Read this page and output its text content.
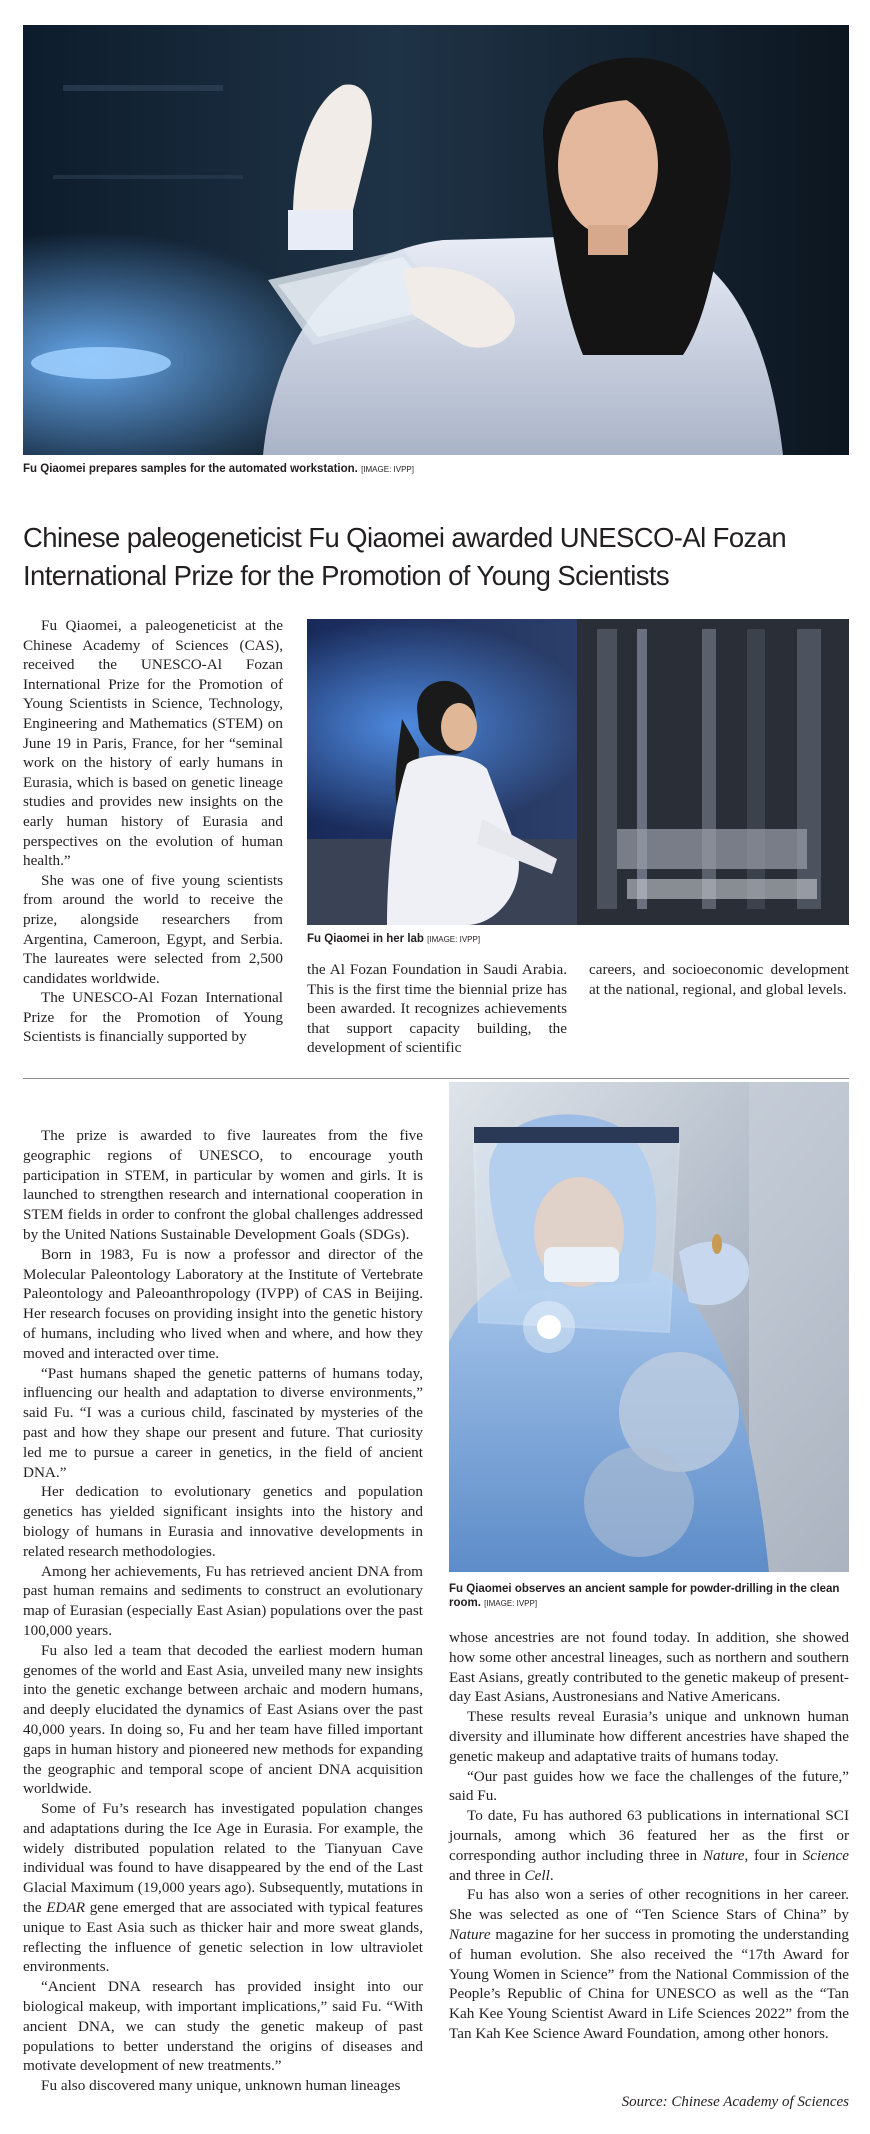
Fu Qiaomei prepares samples for the automated workstation. [IMAGE: IVPP]
Chinese paleogeneticist Fu Qiaomei awarded UNESCO-Al Fozan International Prize for the Promotion of Young Scientists

Fu Qiaomei, a paleogeneticist at the Chinese Academy of Sciences (CAS), received the UNESCO-Al Fozan International Prize for the Promotion of Young Scientists in Science, Technology, Engineering and Mathematics (STEM) on June 19 in Paris, France, for her “seminal work on the history of early humans in Eurasia, which is based on genetic lineage studies and provides new insights on the early human history of Eurasia and perspectives on the evolution of human health.”

She was one of five young scientists from around the world to receive the prize, alongside researchers from Argentina, Cameroon, Egypt, and Serbia. The laureates were selected from 2,500 candidates worldwide.

The UNESCO-Al Fozan International Prize for the Promotion of Young Scientists is financially supported by

Fu Qiaomei in her lab [IMAGE: IVPP]

the Al Fozan Foundation in Saudi Arabia. This is the first time the biennial prize has been awarded. It recognizes achievements that support capacity building, the development of scientific

careers, and socioeconomic development at the national, regional, and global levels.

Fu Qiaomei observes an ancient sample for powder-drilling in the clean room. [IMAGE: IVPP]

The prize is awarded to five laureates from the five geographic regions of UNESCO, to encourage youth participation in STEM, in particular by women and girls. It is launched to strengthen research and international cooperation in STEM fields in order to confront the global challenges addressed by the United Nations Sustainable Development Goals (SDGs).

Born in 1983, Fu is now a professor and director of the Molecular Paleontology Laboratory at the Institute of Vertebrate Paleontology and Paleoanthropology (IVPP) of CAS in Beijing. Her research focuses on providing insight into the genetic history of humans, including who lived when and where, and how they moved and interacted over time.

“Past humans shaped the genetic patterns of humans today, influencing our health and adaptation to diverse environments,” said Fu. “I was a curious child, fascinated by mysteries of the past and how they shape our present and future. That curiosity led me to pursue a career in genetics, in the field of ancient DNA.”

Her dedication to evolutionary genetics and population genetics has yielded significant insights into the history and biology of humans in Eurasia and innovative developments in related research methodologies.

Among her achievements, Fu has retrieved ancient DNA from past human remains and sediments to construct an evolutionary map of Eurasian (especially East Asian) populations over the past 100,000 years.

Fu also led a team that decoded the earliest modern human genomes of the world and East Asia, unveiled many new insights into the genetic exchange between archaic and modern humans, and deeply elucidated the dynamics of East Asians over the past 40,000 years. In doing so, Fu and her team have filled important gaps in human history and pioneered new methods for expanding the geographic and temporal scope of ancient DNA acquisition worldwide.

Some of Fu’s research has investigated population changes and adaptations during the Ice Age in Eurasia. For example, the widely distributed population related to the Tianyuan Cave individual was found to have disappeared by the end of the Last Glacial Maximum (19,000 years ago). Subsequently, mutations in the EDAR gene emerged that are associated with typical features unique to East Asia such as thicker hair and more sweat glands, reflecting the influence of genetic selection in low ultraviolet environments.

“Ancient DNA research has provided insight into our biological makeup, with important implications,” said Fu. “With ancient DNA, we can study the genetic makeup of past populations to better understand the origins of diseases and motivate development of new treatments.”

Fu also discovered many unique, unknown human lineages

whose ancestries are not found today. In addition, she showed how some other ancestral lineages, such as northern and southern East Asians, greatly contributed to the genetic makeup of present-day East Asians, Austronesians and Native Americans.

These results reveal Eurasia’s unique and unknown human diversity and illuminate how different ancestries have shaped the genetic makeup and adaptative traits of humans today.

“Our past guides how we face the challenges of the future,” said Fu.

To date, Fu has authored 63 publications in international SCI journals, among which 36 featured her as the first or corresponding author including three in Nature, four in Science and three in Cell.

Fu has also won a series of other recognitions in her career. She was selected as one of “Ten Science Stars of China” by Nature magazine for her success in promoting the understanding of human evolution. She also received the “17th Award for Young Women in Science” from the National Commission of the People’s Republic of China for UNESCO as well as the “Tan Kah Kee Young Scientist Award in Life Sciences 2022” from the Tan Kah Kee Science Award Foundation, among other honors.

Source: Chinese Academy of Sciences
